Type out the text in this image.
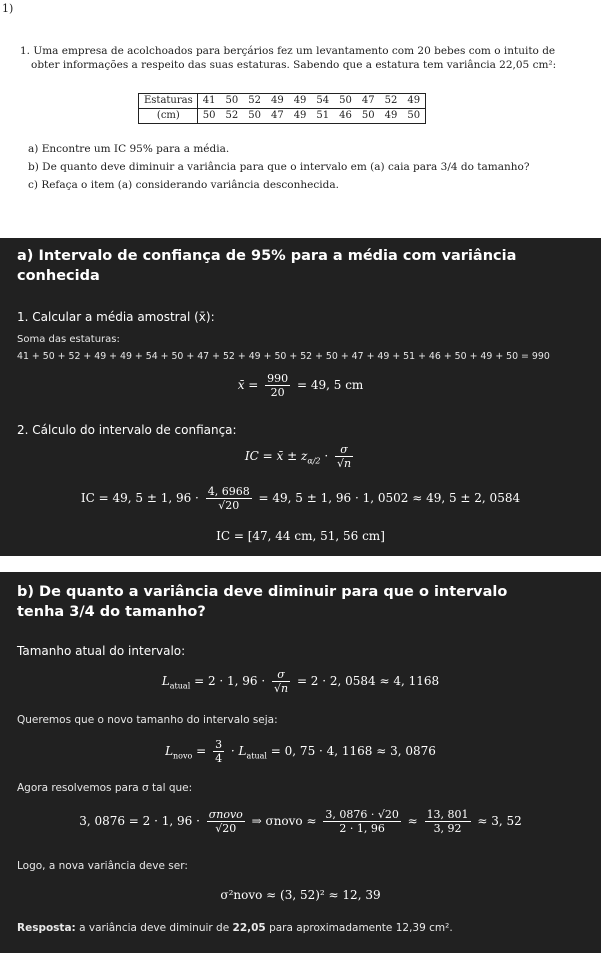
1)
1. Uma empresa de acolchoados para berçários fez um levantamento com 20 bebes com o intuito de
obter informações a respeito das suas estaturas. Sabendo que a estatura tem variância 22,05 cm²:
Estaturas	41	50	52	49	49	54	50	47	52	49
(cm)	50	52	50	47	49	51	46	50	49	50
a) Encontre um IC 95% para a média.
b) De quanto deve diminuir a variância para que o intervalo em (a) caia para 3/4 do tamanho?
c) Refaça o item (a) considerando variância desconhecida.
a) Intervalo de confiança de 95% para a média com variância
conhecida
1. Calcular a média amostral (x̄):
Soma das estaturas:
41 + 50 + 52 + 49 + 49 + 54 + 50 + 47 + 52 + 49 + 50 + 52 + 50 + 47 + 49 + 51 + 46 + 50 + 49 + 50 = 990
x̄ = $\frac{990}{20} = 49$, 5 cm
2. Cálculo do intervalo de confiança:
IC = x̄ ± $z_{\alpha/2} \cdot \frac{\sigma}{√n}$
IC = 49, 5 ± 1, $96 \cdot \frac{4, 6968}{√20} = 49$, 5 ± 1, 96 · 1, 0502 ≈ 49, 5 ± 2, 0584
IC = [47, 44 cm, 51, 56 cm]
b) De quanto a variância deve diminuir para que o intervalo
tenha 3/4 do tamanho?
Tamanho atual do intervalo:
$L_{atual} = 2 \cdot 1$, $96 \cdot \frac{\sigma}{√n} = 2 \cdot 2$, 0584 ≈ 4, 1168
Queremos que o novo tamanho do intervalo seja:
$L_{novo} = \frac{3}{4} \cdot L_{atual} = 0$, 75 · 4, 1168 ≈ 3, 0876
Agora resolvemos para σ tal que:
3, 0876 = 2 · 1, $96 \cdot \frac{\text{σnovo}}{√20}$ ⇒ σnovo ≈ $\frac{3, 0876 \cdot √20}{2 \cdot 1, 96} \approx \frac{13, 801}{3, 92} \approx 3$, 52
Logo, a nova variância deve ser:
σ²novo ≈ (3, 52)² ≈ 12, 39
Resposta: a variância deve diminuir de 22,05 para aproximadamente 12,39 cm².
